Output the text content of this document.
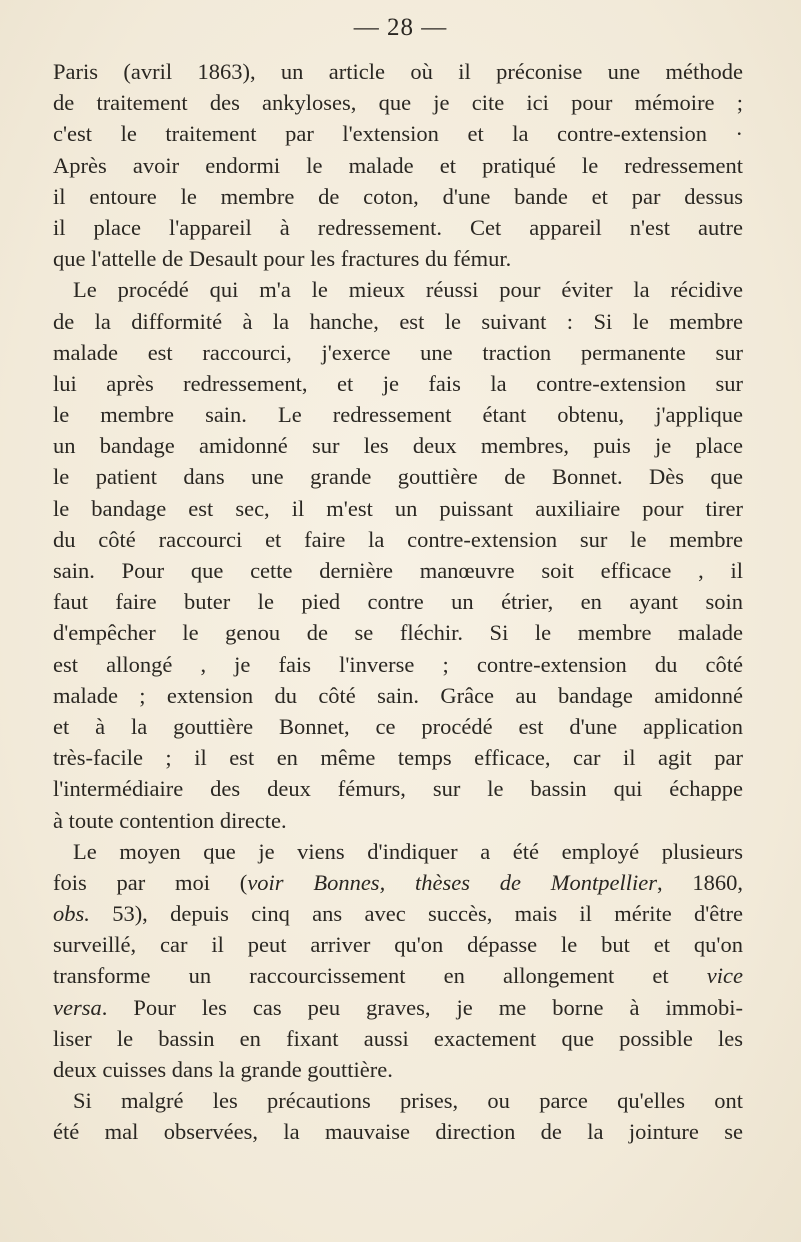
— 28 —
Paris (avril 1863), un article où il préconise une méthode
de traitement des ankyloses, que je cite ici pour mémoire ;
c'est le traitement par l'extension et la contre-extension ·
Après avoir endormi le malade et pratiqué le redressement
il entoure le membre de coton, d'une bande et par dessus
il place l'appareil à redressement. Cet appareil n'est autre
que l'attelle de Desault pour les fractures du fémur.
Le procédé qui m'a le mieux réussi pour éviter la récidive
de la difformité à la hanche, est le suivant : Si le membre
malade est raccourci, j'exerce une traction permanente sur
lui après redressement, et je fais la contre-extension sur
le membre sain. Le redressement étant obtenu, j'applique
un bandage amidonné sur les deux membres, puis je place
le patient dans une grande gouttière de Bonnet. Dès que
le bandage est sec, il m'est un puissant auxiliaire pour tirer
du côté raccourci et faire la contre-extension sur le membre
sain. Pour que cette dernière manœuvre soit efficace , il
faut faire buter le pied contre un étrier, en ayant soin
d'empêcher le genou de se fléchir. Si le membre malade
est allongé , je fais l'inverse ; contre-extension du côté
malade ; extension du côté sain. Grâce au bandage amidonné
et à la gouttière Bonnet, ce procédé est d'une application
très-facile ; il est en même temps efficace, car il agit par
l'intermédiaire des deux fémurs, sur le bassin qui échappe
à toute contention directe.
Le moyen que je viens d'indiquer a été employé plusieurs
fois par moi (voir Bonnes, thèses de Montpellier, 1860,
obs. 53), depuis cinq ans avec succès, mais il mérite d'être
surveillé, car il peut arriver qu'on dépasse le but et qu'on
transforme un raccourcissement en allongement et vice
versa. Pour les cas peu graves, je me borne à immobi-
liser le bassin en fixant aussi exactement que possible les
deux cuisses dans la grande gouttière.
Si malgré les précautions prises, ou parce qu'elles ont
été mal observées, la mauvaise direction de la jointure se
